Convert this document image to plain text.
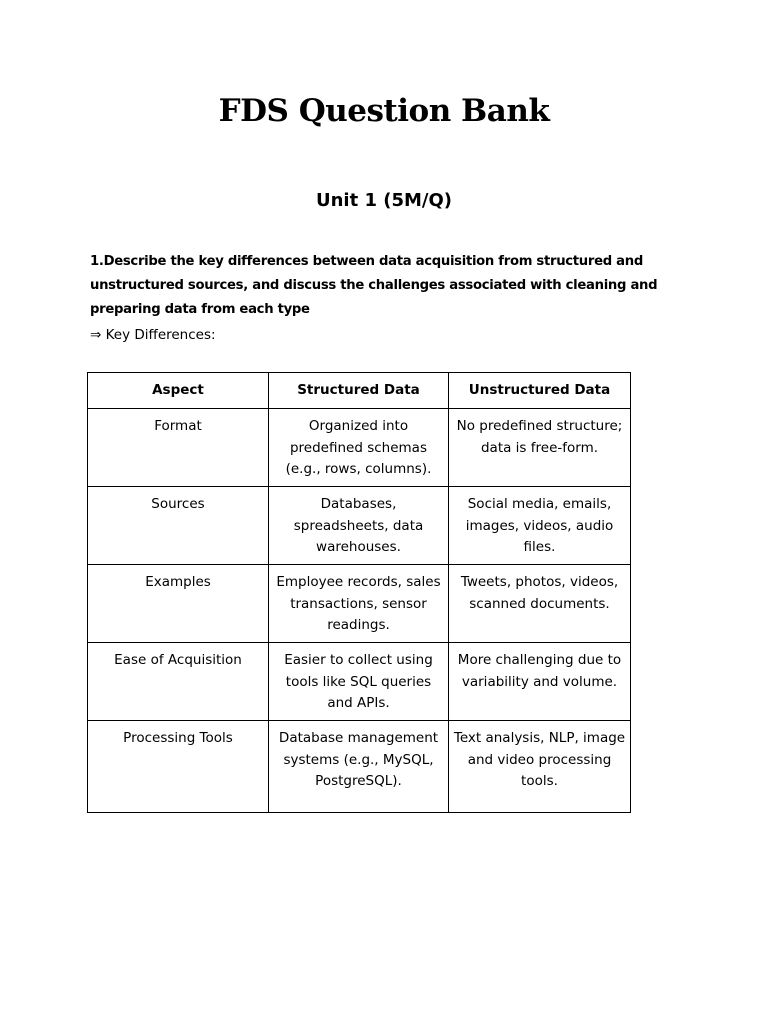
FDS Question Bank
Unit 1 (5M/Q)

1.Describe the key differences between data acquisition from structured and unstructured sources, and discuss the challenges associated with cleaning and preparing data from each type

⇒ Key Differences:

Aspect	Structured Data	Unstructured Data
Format	Organized into predefined schemas (e.g., rows, columns).	No predefined structure; data is free-form.
Sources	Databases, spreadsheets, data warehouses.	Social media, emails, images, videos, audio files.
Examples	Employee records, sales transactions, sensor readings.	Tweets, photos, videos, scanned documents.
Ease of Acquisition	Easier to collect using tools like SQL queries and APIs.	More challenging due to variability and volume.
Processing Tools	Database management systems (e.g., MySQL, PostgreSQL).	Text analysis, NLP, image and video processing tools.
